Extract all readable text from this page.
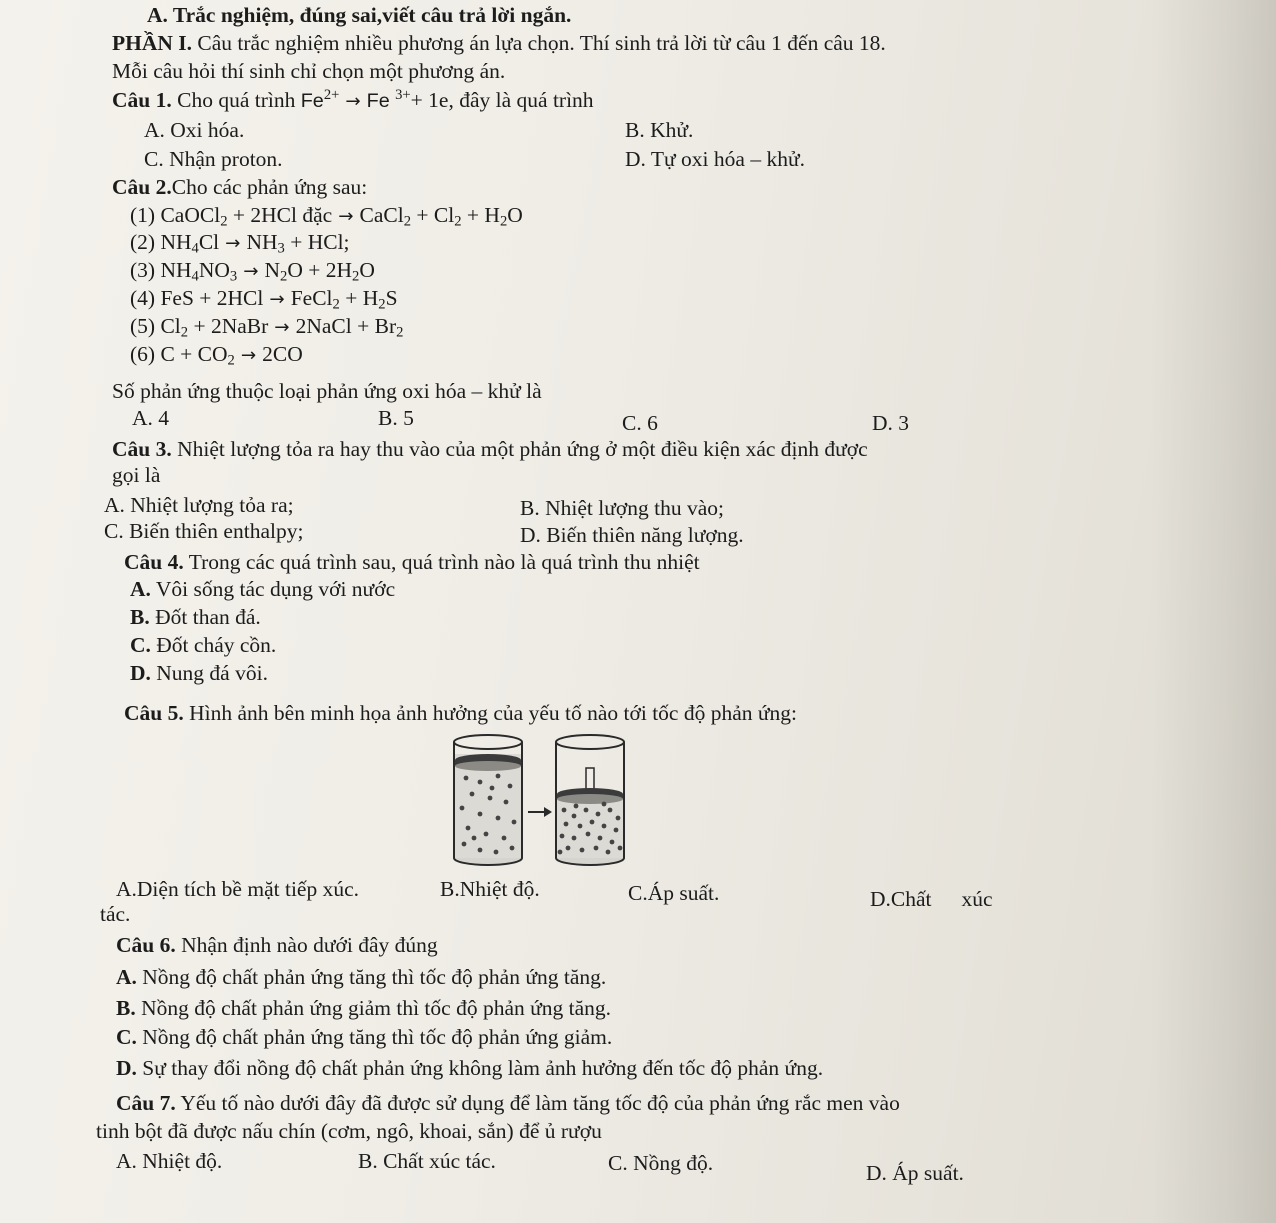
A. Trắc nghiệm, đúng sai,viết câu trả lời ngắn.
PHẦN I. Câu trắc nghiệm nhiều phương án lựa chọn. Thí sinh trả lời từ câu 1 đến câu 18.
Mỗi câu hỏi thí sinh chỉ chọn một phương án.
Câu 1. Cho quá trình $Fe^{2+} \to Fe$ $^{3+}$+ 1e, đây là quá trình
A. Oxi hóa.	B. Khử.
C. Nhận proton.	D. Tự oxi hóa – khử.
Câu 2.Cho các phản ứng sau:
(1) CaOCl$_2$ + 2HCl đặc → CaCl$_2$ + $Cl_2 + H_2O$
(2) $NH_4Cl \to NH_3$ + HCl;
(3) $NH_4NO_3 \to N_2O + 2H_2O$
(4) FeS + 2HCl → FeCl$_2$ + $H_2S$
(5) $Cl_2$ + 2NaBr → 2NaCl + $Br_2$
(6) $C + CO_2 \to 2CO$
Số phản ứng thuộc loại phản ứng oxi hóa – khử là
A. 4	B. 5	C. 6	D. 3
Câu 3. Nhiệt lượng tỏa ra hay thu vào của một phản ứng ở một điều kiện xác định được
gọi là
A. Nhiệt lượng tỏa ra;	B. Nhiệt lượng thu vào;
C. Biến thiên enthalpy;	D. Biến thiên năng lượng.
Câu 4. Trong các quá trình sau, quá trình nào là quá trình thu nhiệt
A. Vôi sống tác dụng với nước
B. Đốt than đá.
C. Đốt cháy cồn.
D. Nung đá vôi.
Câu 5. Hình ảnh bên minh họa ảnh hưởng của yếu tố nào tới tốc độ phản ứng:
A.Diện tích bề mặt tiếp xúc.	B.Nhiệt độ.	C.Áp suất.	D.Chất xúc
tác.
Câu 6. Nhận định nào dưới đây đúng
A. Nồng độ chất phản ứng tăng thì tốc độ phản ứng tăng.
B. Nồng độ chất phản ứng giảm thì tốc độ phản ứng tăng.
C. Nồng độ chất phản ứng tăng thì tốc độ phản ứng giảm.
D. Sự thay đổi nồng độ chất phản ứng không làm ảnh hưởng đến tốc độ phản ứng.
Câu 7. Yếu tố nào dưới đây đã được sử dụng để làm tăng tốc độ của phản ứng rắc men vào
tinh bột đã được nấu chín (cơm, ngô, khoai, sắn) để ủ rượu
A. Nhiệt độ.	B. Chất xúc tác.	C. Nồng độ.	D. Áp suất.
